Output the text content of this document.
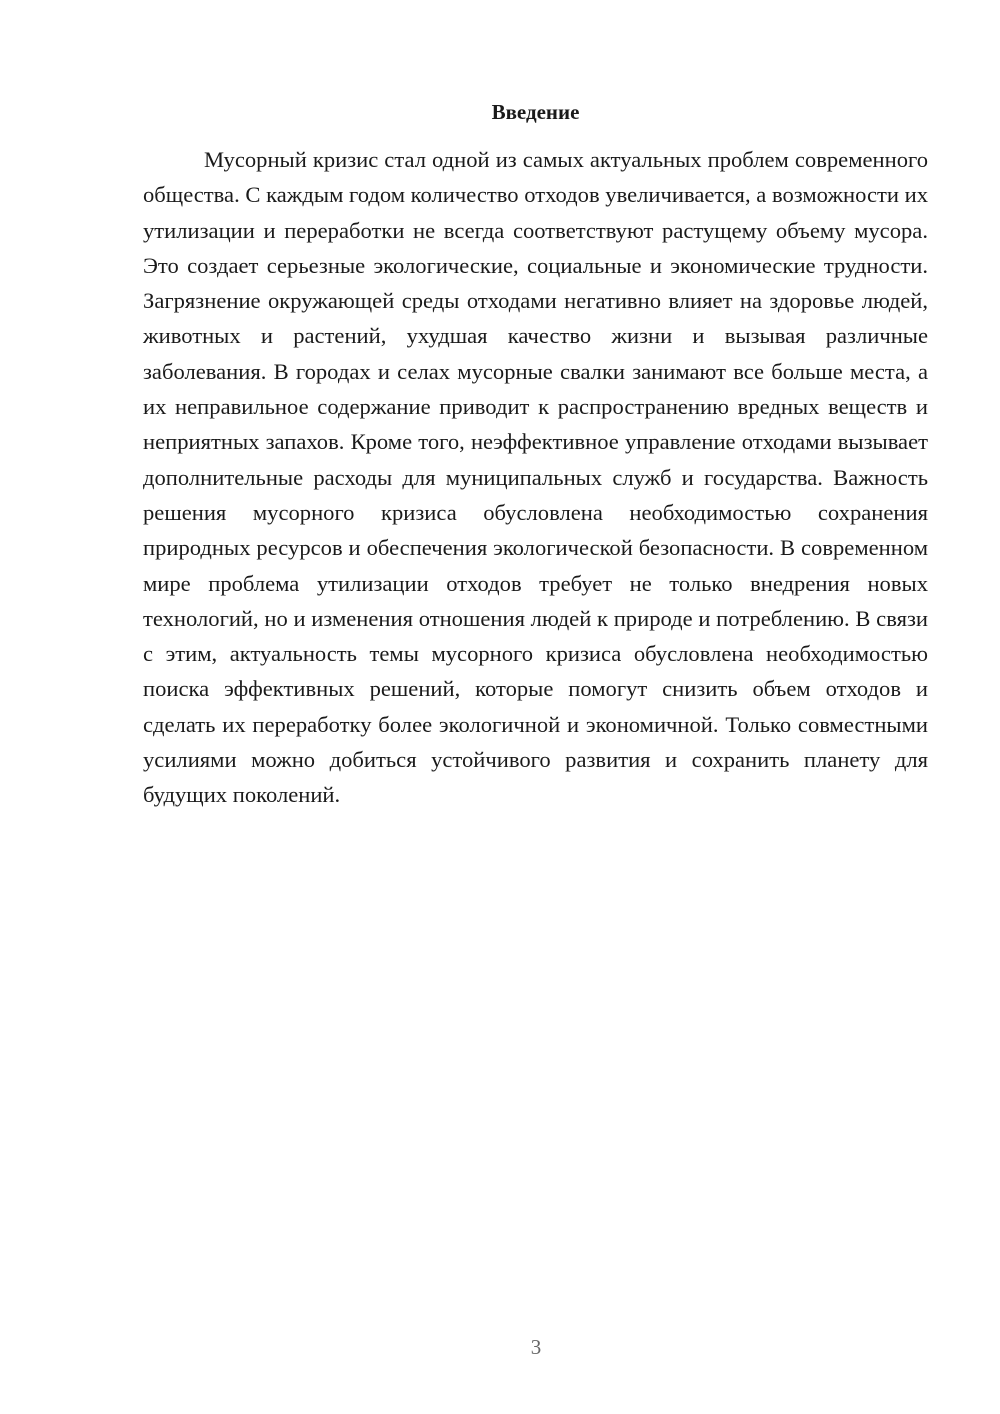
Введение

Мусорный кризис стал одной из самых актуальных проблем современного общества. С каждым годом количество отходов увеличивается, а возможности их утилизации и переработки не всегда соответствуют растущему объему мусора. Это создает серьезные экологические, социальные и экономические трудности. Загрязнение окружающей среды отходами негативно влияет на здоровье людей, животных и растений, ухудшая качество жизни и вызывая различные заболевания. В городах и селах мусорные свалки занимают все больше места, а их неправильное содержание приводит к распространению вредных веществ и неприятных запахов. Кроме того, неэффективное управление отходами вызывает дополнительные расходы для муниципальных служб и государства. Важность решения мусорного кризиса обусловлена необходимостью сохранения природных ресурсов и обеспечения экологической безопасности. В современном мире проблема утилизации отходов требует не только внедрения новых технологий, но и изменения отношения людей к природе и потреблению. В связи с этим, актуальность темы мусорного кризиса обусловлена необходимостью поиска эффективных решений, которые помогут снизить объем отходов и сделать их переработку более экологичной и экономичной. Только совместными усилиями можно добиться устойчивого развития и сохранить планету для будущих поколений.

3
